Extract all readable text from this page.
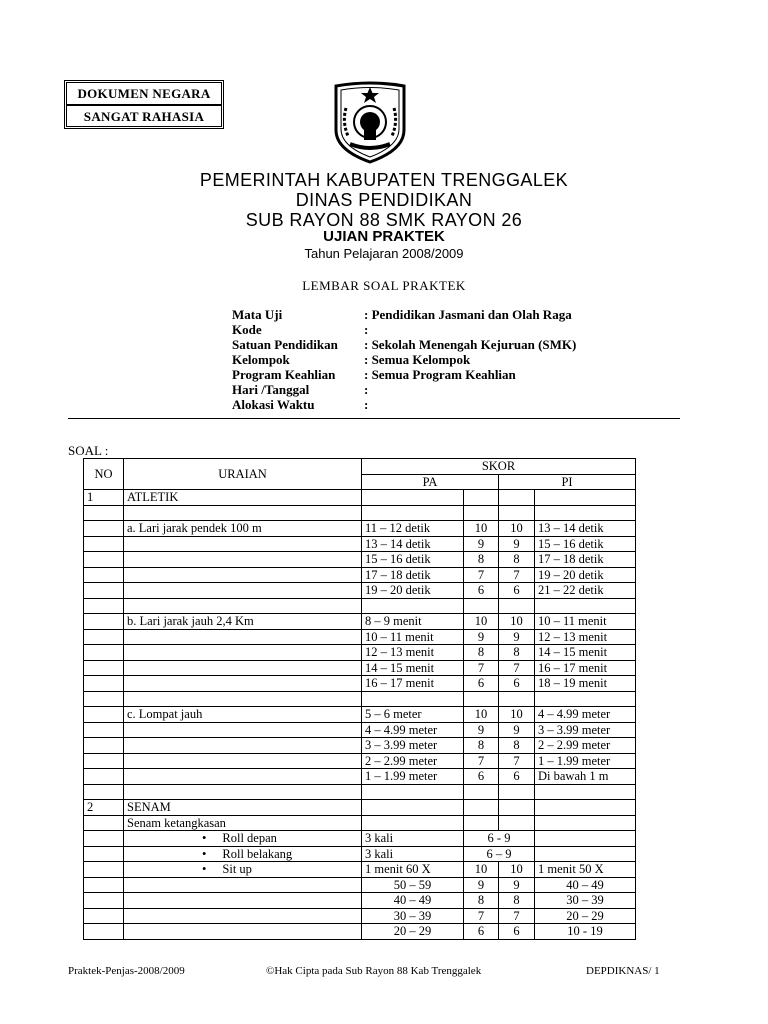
DOKUMEN NEGARA
SANGAT RAHASIA
PEMERINTAH KABUPATEN TRENGGALEK
DINAS PENDIDIKAN
SUB RAYON 88 SMK RAYON 26
UJIAN PRAKTEK
Tahun Pelajaran 2008/2009
LEMBAR SOAL PRAKTEK
Mata Uji	: Pendidikan Jasmani dan Olah Raga
Kode	:
Satuan Pendidikan : Sekolah Menengah Kejuruan (SMK)
Kelompok	: Semua Kelompok
Program Keahlian : Semua Program Keahlian
Hari /Tanggal	:
Alokasi Waktu	:
SOAL :
NO	URAIAN	SKOR			
		PA		PI	
1	ATLETIK				

	a. Lari jarak pendek 100 m	11 – 12 detik	10	10	13 – 14 detik
		13 – 14 detik	9	9	15 – 16 detik
		15 – 16 detik	8	8	17 – 18 detik
		17 – 18 detik	7	7	19 – 20 detik
		19 – 20 detik	6	6	21 – 22 detik

	b. Lari jarak jauh 2,4 Km	8 – 9 menit	10	10	10 – 11 menit
		10 – 11 menit	9	9	12 – 13 menit
		12 – 13 menit	8	8	14 – 15 menit
		14 – 15 menit	7	7	16 – 17 menit
		16 – 17 menit	6	6	18 – 19 menit

	c. Lompat jauh	5 – 6 meter	10	10	4 – 4.99 meter
		4 – 4.99 meter	9	9	3 – 3.99 meter
		3 – 3.99 meter	8	8	2 – 2.99 meter
		2 – 2.99 meter	7	7	1 – 1.99 meter
		1 – 1.99 meter	6	6	Di bawah 1 m

2	SENAM				
	Senam ketangkasan				
	• Roll depan	3 kali	6 - 9		
	• Roll belakang	3 kali	6 – 9		
	• Sit up	1 menit 60 X	10	10	1 menit 50 X
		50 – 59	9	9	40 – 49
		40 – 49	8	8	30 – 39
		30 – 39	7	7	20 – 29
		20 – 29	6	6	10 - 19
Praktek-Penjas-2008/2009	©Hak Cipta pada Sub Rayon 88 Kab Trenggalek	DEPDIKNAS/ 1
